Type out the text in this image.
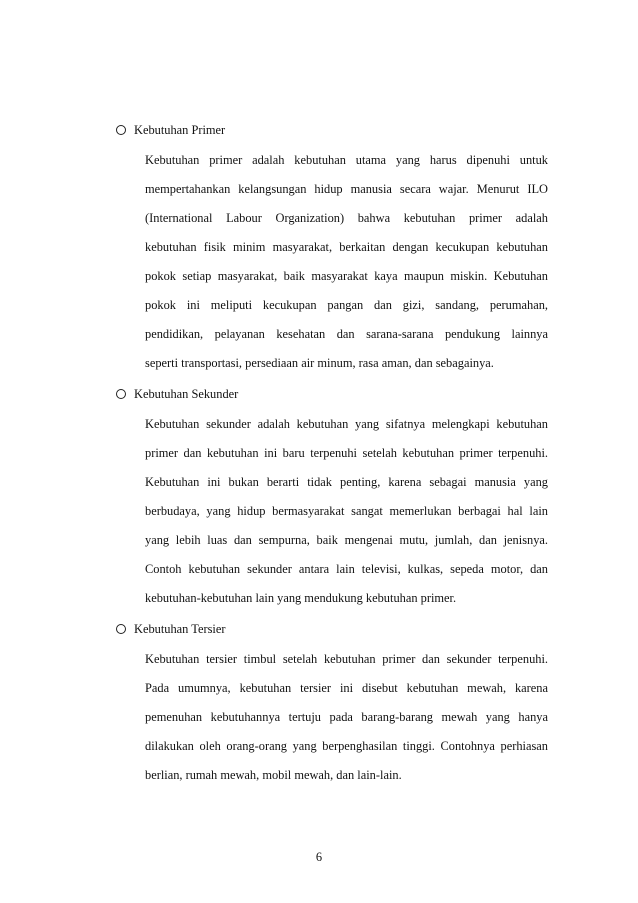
Kebutuhan Primer
Kebutuhan primer adalah kebutuhan utama yang harus dipenuhi untuk
mempertahankan kelangsungan hidup manusia secara wajar. Menurut ILO
(International Labour Organization) bahwa kebutuhan primer adalah
kebutuhan fisik minim masyarakat, berkaitan dengan kecukupan kebutuhan
pokok setiap masyarakat, baik masyarakat kaya maupun miskin. Kebutuhan
pokok ini meliputi kecukupan pangan dan gizi, sandang, perumahan,
pendidikan, pelayanan kesehatan dan sarana-sarana pendukung lainnya
seperti transportasi, persediaan air minum, rasa aman, dan sebagainya.
Kebutuhan Sekunder
Kebutuhan sekunder adalah kebutuhan yang sifatnya melengkapi kebutuhan
primer dan kebutuhan ini baru terpenuhi setelah kebutuhan primer terpenuhi.
Kebutuhan ini bukan berarti tidak penting, karena sebagai manusia yang
berbudaya, yang hidup bermasyarakat sangat memerlukan berbagai hal lain
yang lebih luas dan sempurna, baik mengenai mutu, jumlah, dan jenisnya.
Contoh kebutuhan sekunder antara lain televisi, kulkas, sepeda motor, dan
kebutuhan-kebutuhan lain yang mendukung kebutuhan primer.
Kebutuhan Tersier
Kebutuhan tersier timbul setelah kebutuhan primer dan sekunder terpenuhi.
Pada umumnya, kebutuhan tersier ini disebut kebutuhan mewah, karena
pemenuhan kebutuhannya tertuju pada barang-barang mewah yang hanya
dilakukan oleh orang-orang yang berpenghasilan tinggi. Contohnya perhiasan
berlian, rumah mewah, mobil mewah, dan lain-lain.
6
